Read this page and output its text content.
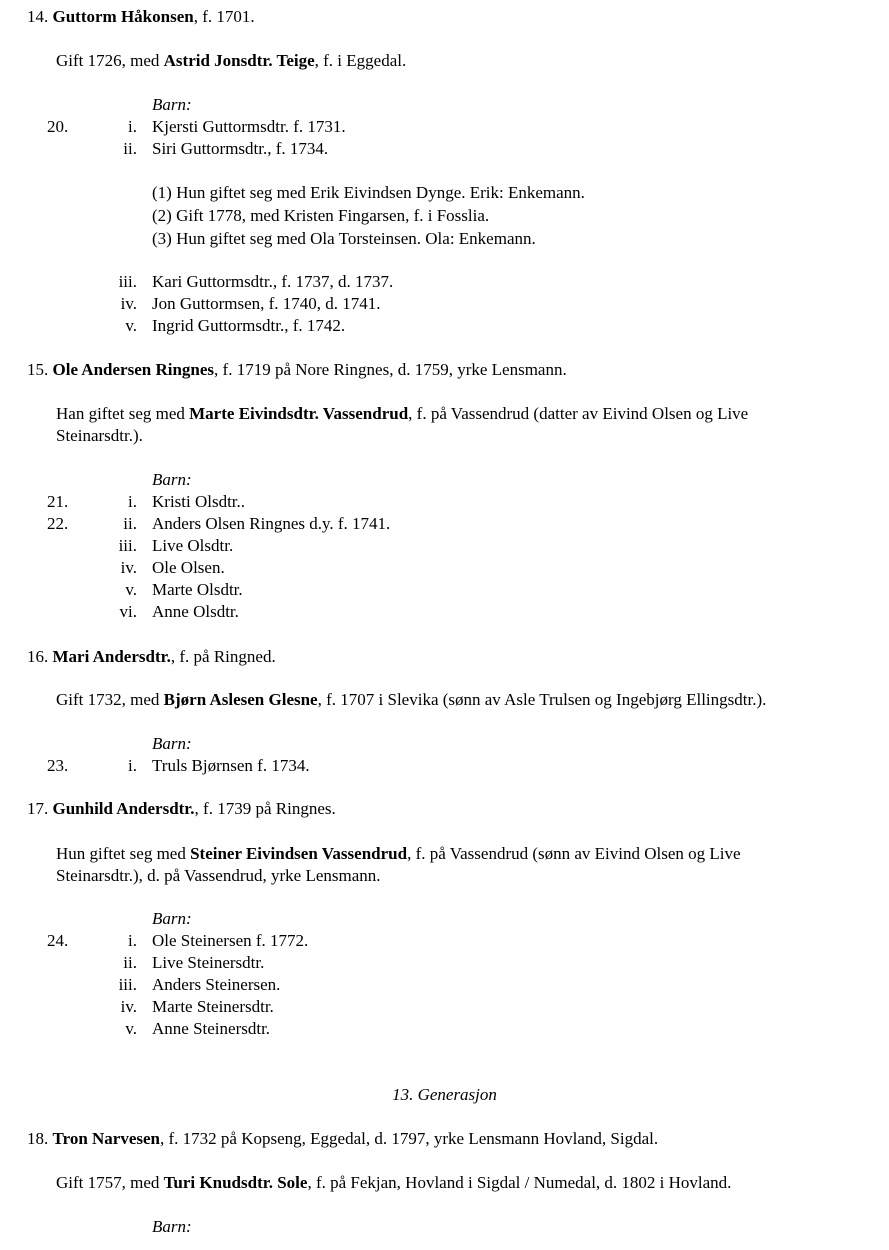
14. Guttorm Håkonsen, f. 1701.
Gift 1726, med Astrid Jonsdtr. Teige, f. i Eggedal.
Barn:
20.	i. Kjersti Guttormsdtr. f. 1731.
ii. Siri Guttormsdtr., f. 1734.
(1) Hun giftet seg med Erik Eivindsen Dynge. Erik: Enkemann.
(2) Gift 1778, med Kristen Fingarsen, f. i Fosslia.
(3) Hun giftet seg med Ola Torsteinsen. Ola: Enkemann.
iii. Kari Guttormsdtr., f. 1737, d. 1737.
iv. Jon Guttormsen, f. 1740, d. 1741.
v. Ingrid Guttormsdtr., f. 1742.
15. Ole Andersen Ringnes, f. 1719 på Nore Ringnes, d. 1759, yrke Lensmann.
Han giftet seg med Marte Eivindsdtr. Vassendrud, f. på Vassendrud (datter av Eivind Olsen og Live
Steinarsdtr.).
Barn:
21.	i. Kristi Olsdtr..
22.	ii. Anders Olsen Ringnes d.y. f. 1741.
iii. Live Olsdtr.
iv. Ole Olsen.
v. Marte Olsdtr.
vi. Anne Olsdtr.
16. Mari Andersdtr., f. på Ringned.
Gift 1732, med Bjørn Aslesen Glesne, f. 1707 i Slevika (sønn av Asle Trulsen og Ingebjørg Ellingsdtr.).
Barn:
23.	i. Truls Bjørnsen f. 1734.
17. Gunhild Andersdtr., f. 1739 på Ringnes.
Hun giftet seg med Steiner Eivindsen Vassendrud, f. på Vassendrud (sønn av Eivind Olsen og Live
Steinarsdtr.), d. på Vassendrud, yrke Lensmann.
Barn:
24.	i. Ole Steinersen f. 1772.
ii. Live Steinersdtr.
iii. Anders Steinersen.
iv. Marte Steinersdtr.
v. Anne Steinersdtr.
13. Generasjon
18. Tron Narvesen, f. 1732 på Kopseng, Eggedal, d. 1797, yrke Lensmann Hovland, Sigdal.
Gift 1757, med Turi Knudsdtr. Sole, f. på Fekjan, Hovland i Sigdal / Numedal, d. 1802 i Hovland.
Barn:
